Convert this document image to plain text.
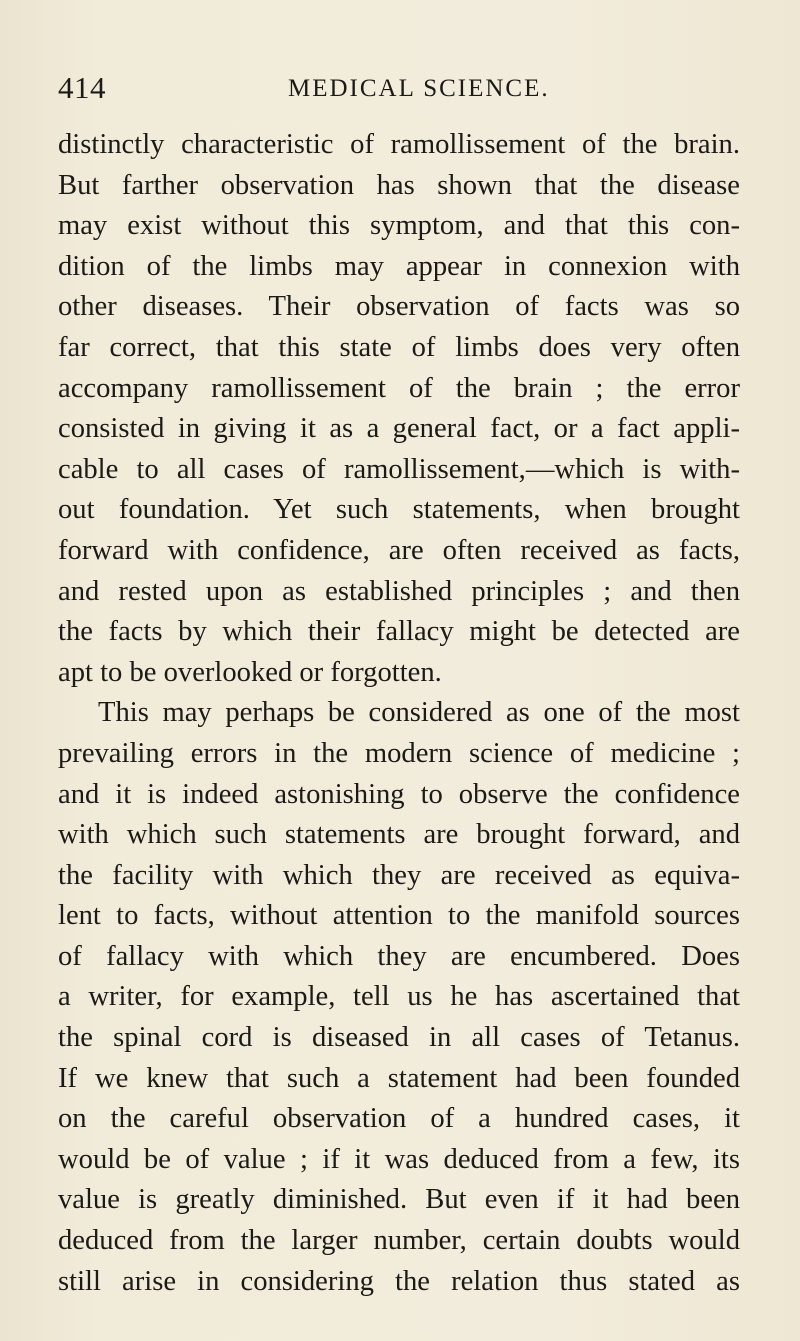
414	MEDICAL SCIENCE.
distinctly characteristic of ramollissement of the brain.
But farther observation has shown that the disease
may exist without this symptom, and that this con-
dition of the limbs may appear in connexion with
other diseases. Their observation of facts was so
far correct, that this state of limbs does very often
accompany ramollissement of the brain ; the error
consisted in giving it as a general fact, or a fact appli-
cable to all cases of ramollissement,—which is with-
out foundation. Yet such statements, when brought
forward with confidence, are often received as facts,
and rested upon as established principles ; and then
the facts by which their fallacy might be detected are
apt to be overlooked or forgotten.
This may perhaps be considered as one of the most
prevailing errors in the modern science of medicine ;
and it is indeed astonishing to observe the confidence
with which such statements are brought forward, and
the facility with which they are received as equiva-
lent to facts, without attention to the manifold sources
of fallacy with which they are encumbered. Does
a writer, for example, tell us he has ascertained that
the spinal cord is diseased in all cases of Tetanus.
If we knew that such a statement had been founded
on the careful observation of a hundred cases, it
would be of value ; if it was deduced from a few, its
value is greatly diminished. But even if it had been
deduced from the larger number, certain doubts would
still arise in considering the relation thus stated as
